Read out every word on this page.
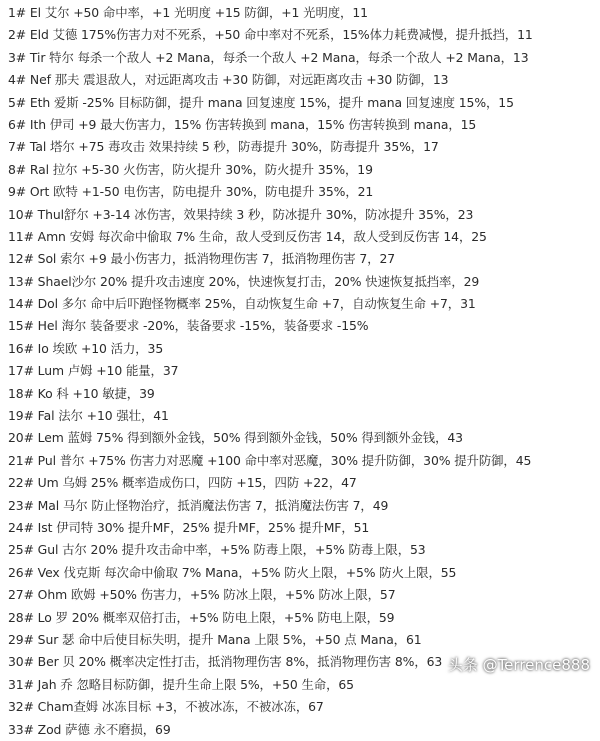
1# El 艾尔 +50 命中率，+1 光明度 +15 防御，+1 光明度，11
2# Eld 艾德 175%伤害力对不死系，+50 命中率对不死系，15%体力耗费减慢，提升抵挡，11
3# Tir 特尔 每杀一个敌人 +2 Mana，每杀一个敌人 +2 Mana，每杀一个敌人 +2 Mana，13
4# Nef 那夫 震退敌人，对远距离攻击 +30 防御，对远距离攻击 +30 防御，13
5# Eth 爱斯 -25% 目标防御，提升 mana 回复速度 15%，提升 mana 回复速度 15%，15
6# Ith 伊司 +9 最大伤害力，15% 伤害转换到 mana，15% 伤害转换到 mana，15
7# Tal 塔尔 +75 毒攻击 效果持续 5 秒，防毒提升 30%，防毒提升 35%，17
8# Ral 拉尔 +5-30 火伤害，防火提升 30%，防火提升 35%，19
9# Ort 欧特 +1-50 电伤害，防电提升 30%，防电提升 35%，21
10# Thul舒尔 +3-14 冰伤害，效果持续 3 秒，防冰提升 30%，防冰提升 35%，23
11# Amn 安姆 每次命中偷取 7% 生命，敌人受到反伤害 14，敌人受到反伤害 14，25
12# Sol 索尔 +9 最小伤害力，抵消物理伤害 7，抵消物理伤害 7，27
13# Shael沙尔 20% 提升攻击速度 20%，快速恢复打击，20% 快速恢复抵挡率，29
14# Dol 多尔 命中后吓跑怪物概率 25%，自动恢复生命 +7，自动恢复生命 +7，31
15# Hel 海尔 装备要求 -20%，装备要求 -15%，装备要求 -15%
16# Io 埃欧 +10 活力，35
17# Lum 卢姆 +10 能量，37
18# Ko 科 +10 敏捷，39
19# Fal 法尔 +10 强壮，41
20# Lem 蓝姆 75% 得到额外金钱，50% 得到额外金钱，50% 得到额外金钱，43
21# Pul 普尔 +75% 伤害力对恶魔 +100 命中率对恶魔，30% 提升防御，30% 提升防御，45
22# Um 乌姆 25% 概率造成伤口，四防 +15，四防 +22，47
23# Mal 马尔 防止怪物治疗，抵消魔法伤害 7，抵消魔法伤害 7，49
24# Ist 伊司特 30% 提升MF，25% 提升MF，25% 提升MF，51
25# Gul 古尔 20% 提升攻击命中率，+5% 防毒上限，+5% 防毒上限，53
26# Vex 伐克斯 每次命中偷取 7% Mana，+5% 防火上限，+5% 防火上限，55
27# Ohm 欧姆 +50% 伤害力，+5% 防冰上限，+5% 防冰上限，57
28# Lo 罗 20% 概率双倍打击，+5% 防电上限，+5% 防电上限，59
29# Sur 瑟 命中后使目标失明，提升 Mana 上限 5%，+50 点 Mana，61
30# Ber 贝 20% 概率决定性打击，抵消物理伤害 8%，抵消物理伤害 8%，63
31# Jah 乔 忽略目标防御，提升生命上限 5%，+50 生命，65
32# Cham查姆 冰冻目标 +3，不被冰冻，不被冰冻，67
33# Zod 萨德 永不磨损，69
头条 @Terrence888
